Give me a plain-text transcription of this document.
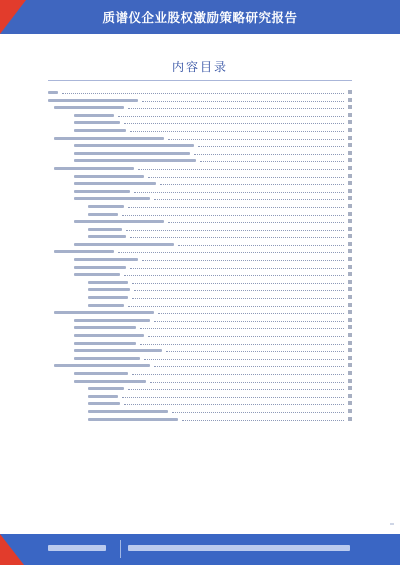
质谱仪企业股权激励策略研究报告
内容目录
